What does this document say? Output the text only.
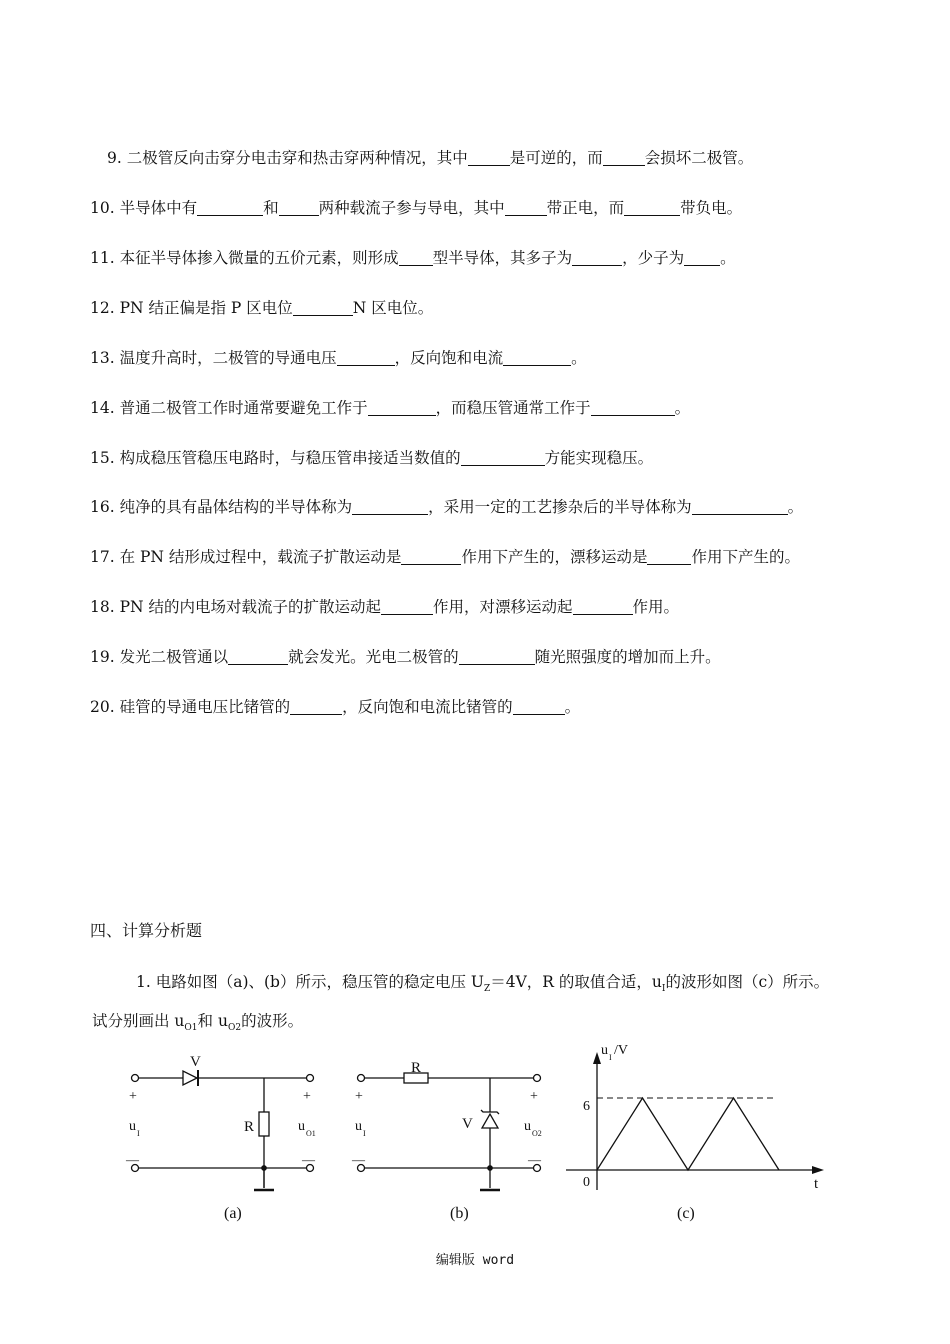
9. 二极管反向击穿分电击穿和热击穿两种情况，其中	是可逆的，而	会损坏二极管。
10. 半导体中有	和	两种载流子参与导电，其中	带正电，而	带负电。
11. 本征半导体掺入微量的五价元素，则形成 型半导体，其多子为	，少子为 。
12. PN 结正偏是指 P 区电位	N 区电位。
13. 温度升高时，二极管的导通电压	，反向饱和电流	。
14. 普通二极管工作时通常要避免工作于	，而稳压管通常工作于	。
15. 构成稳压管稳压电路时，与稳压管串接适当数值的	方能实现稳压。
16. 纯净的具有晶体结构的半导体称为	，采用一定的工艺掺杂后的半导体称为	。
17. 在 PN 结形成过程中，载流子扩散运动是	作用下产生的，漂移运动是	作用下产生的。
18. PN 结的内电场对载流子的扩散运动起	作用，对漂移运动起	作用。
19. 发光二极管通以	就会发光。光电二极管的	随光照强度的增加而上升。
20. 硅管的导通电压比锗管的	，反向饱和电流比锗管的	。
四、计算分析题
1. 电路如图（a)、(b）所示，稳压管的稳定电压 $U_Z=4V$，R 的取值合适，$u_I$的波形如图（c）所示。
试分别画出 $u_{O1}$和 $u_{O2}$的波形。
V
R
+	+
u I	u O1
—	—
(a)
R
V
+	+
u I	u O2
—	—
(b)
u I /V
6
0	t
(c)
编辑版 word
